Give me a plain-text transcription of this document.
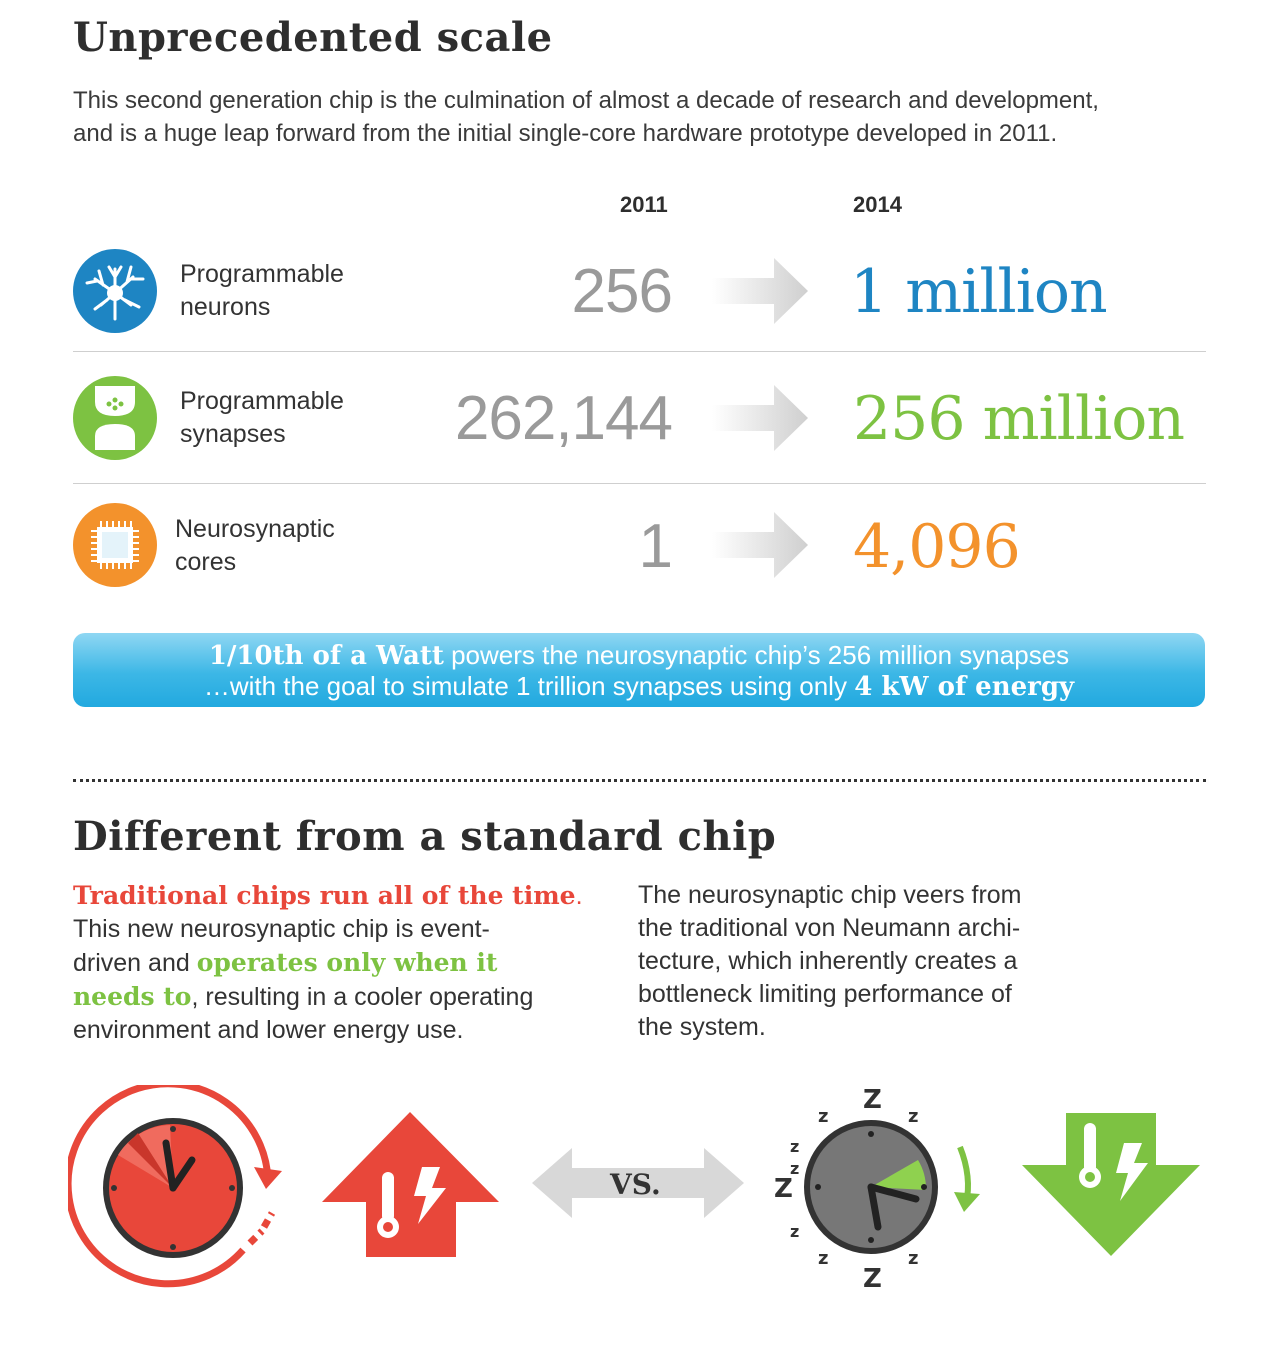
Unprecedented scale
This second generation chip is the culmination of almost a decade of research and development,
and is a huge leap forward from the initial single-core hardware prototype developed in 2011.
2011	2014
Programmable
neurons	256	1 million
Programmable
synapses	262,144	256 million
Neurosynaptic
cores	1	4,096
1/10th of a Watt powers the neurosynaptic chip’s 256 million synapses
…with the goal to simulate 1 trillion synapses using only 4 kW of energy
Different from a standard chip
Traditional chips run all of the time.
This new neurosynaptic chip is event-
driven and operates only when it
needs to, resulting in a cooler operating
environment and lower energy use.
The neurosynaptic chip veers from
the traditional von Neumann archi-
tecture, which inherently creates a
bottleneck limiting performance of
the system.
VS.
Z
z	z
z
z
Z
z
z	z
Z
